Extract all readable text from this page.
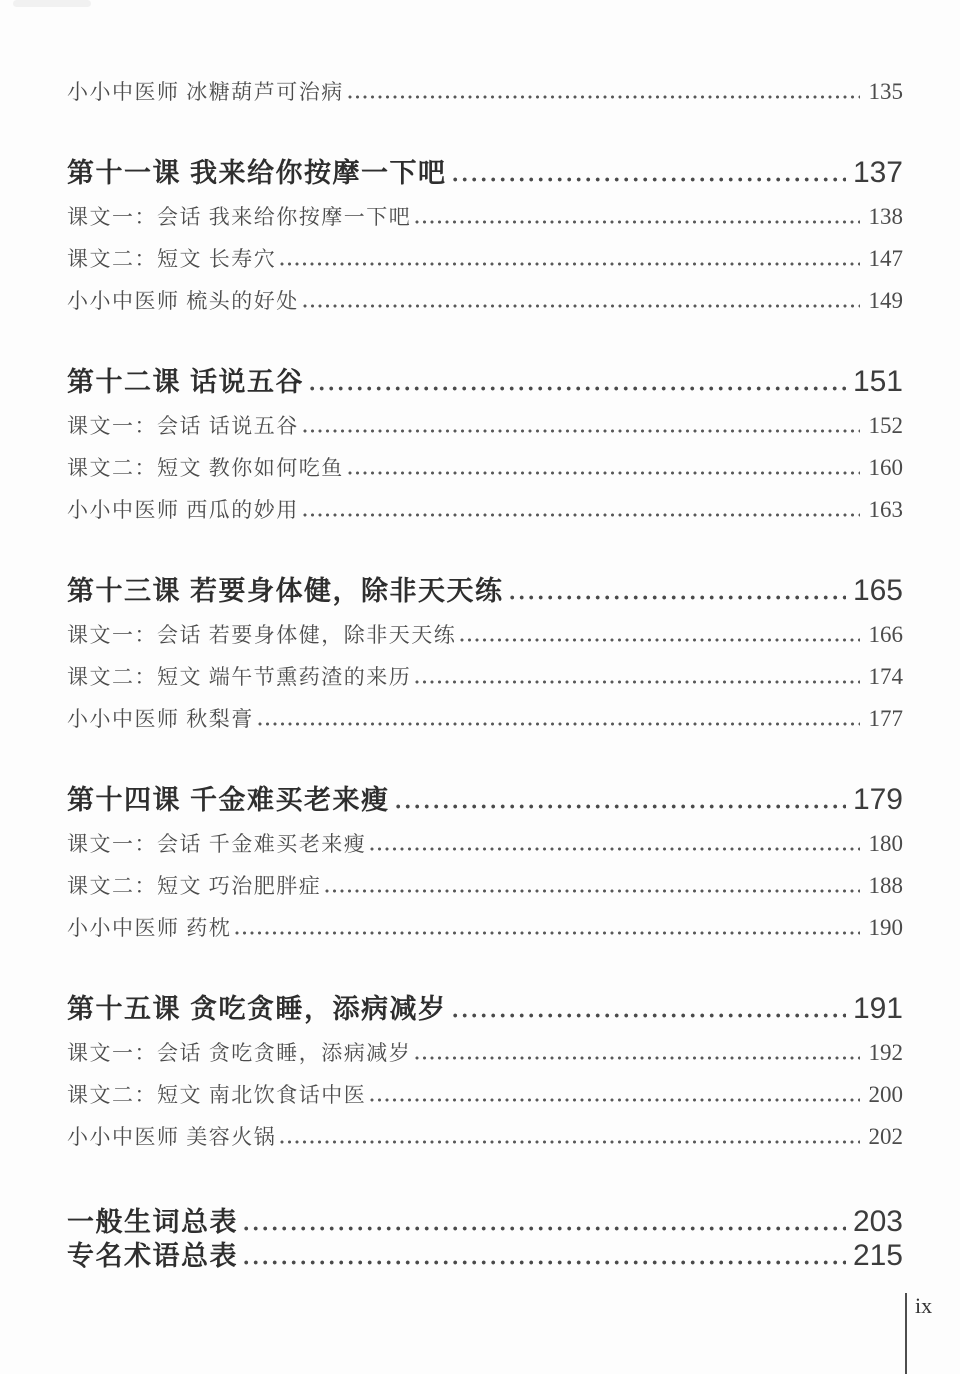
小小中医师 冰糖葫芦可治病	135
第十一课 我来给你按摩一下吧	137
课文一：会话 我来给你按摩一下吧	138
课文二：短文 长寿穴	147
小小中医师 梳头的好处	149
第十二课 话说五谷	151
课文一：会话 话说五谷	152
课文二：短文 教你如何吃鱼	160
小小中医师 西瓜的妙用	163
第十三课 若要身体健，除非天天练	165
课文一：会话 若要身体健，除非天天练	166
课文二：短文 端午节熏药渣的来历	174
小小中医师 秋梨膏	177
第十四课 千金难买老来瘦	179
课文一：会话 千金难买老来瘦	180
课文二：短文 巧治肥胖症	188
小小中医师 药枕	190
第十五课 贪吃贪睡，添病减岁	191
课文一：会话 贪吃贪睡，添病减岁	192
课文二：短文 南北饮食话中医	200
小小中医师 美容火锅	202
一般生词总表	203
专名术语总表	215
ix
